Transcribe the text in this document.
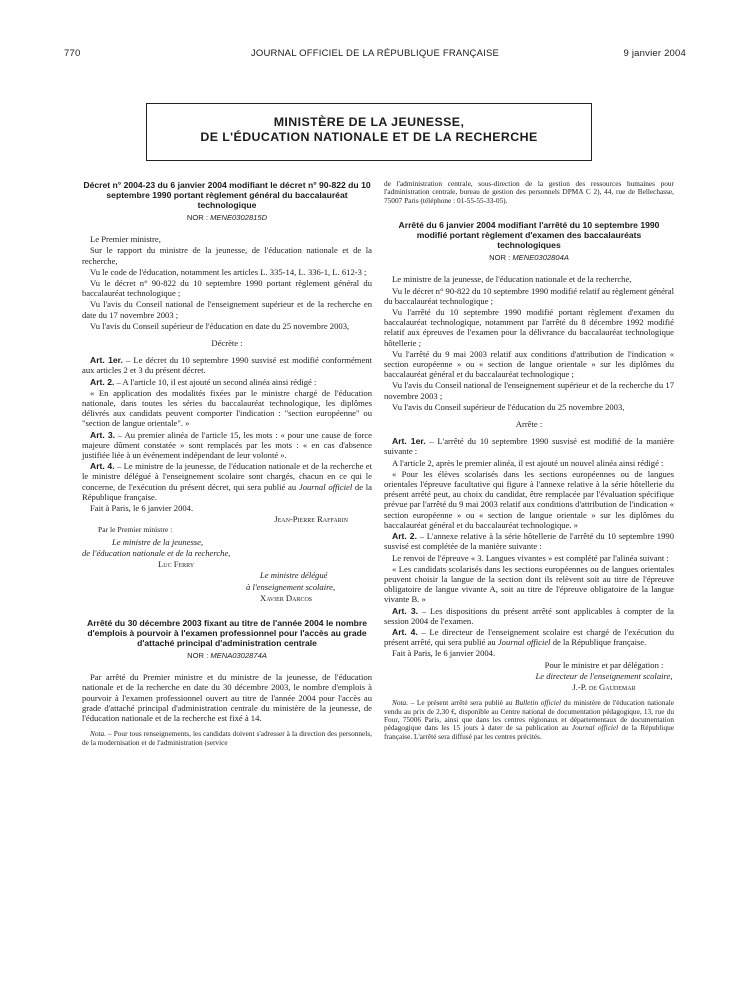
770	JOURNAL OFFICIEL DE LA RÉPUBLIQUE FRANÇAISE	9 janvier 2004
MINISTÈRE DE LA JEUNESSE,
DE L'ÉDUCATION NATIONALE ET DE LA RECHERCHE
Décret n° 2004-23 du 6 janvier 2004 modifiant le décret n° 90-822 du 10 septembre 1990 portant règlement général du baccalauréat technologique
NOR : MENE0302815D

Le Premier ministre,

Sur le rapport du ministre de la jeunesse, de l'éducation nationale et de la recherche,

Vu le code de l'éducation, notamment les articles L. 335-14, L. 336-1, L. 612-3 ;

Vu le décret n° 90-822 du 10 septembre 1990 portant règlement général du baccalauréat technologique ;

Vu l'avis du Conseil national de l'enseignement supérieur et de la recherche en date du 17 novembre 2003 ;

Vu l'avis du Conseil supérieur de l'éducation en date du 25 novembre 2003,

Décrète :

Art. 1er. – Le décret du 10 septembre 1990 susvisé est modifié conformément aux articles 2 et 3 du présent décret.

Art. 2. – A l'article 10, il est ajouté un second alinéa ainsi rédigé :

« En application des modalités fixées par le ministre chargé de l'éducation nationale, dans toutes les séries du baccalauréat technologique, les diplômes délivrés aux candidats peuvent comporter l'indication : "section européenne" ou "section de langue orientale". »

Art. 3. – Au premier alinéa de l'article 15, les mots : « pour une cause de force majeure dûment constatée » sont remplacés par les mots : « en cas d'absence justifiée liée à un événement indépendant de leur volonté ».

Art. 4. – Le ministre de la jeunesse, de l'éducation nationale et de la recherche et le ministre délégué à l'enseignement scolaire sont chargés, chacun en ce qui le concerne, de l'exécution du présent décret, qui sera publié au Journal officiel de la République française.

Fait à Paris, le 6 janvier 2004.

Jean-Pierre Raffarin

Par le Premier ministre :

Le ministre de la jeunesse,

de l'éducation nationale et de la recherche,

Luc Ferry

Le ministre délégué

à l'enseignement scolaire,

Xavier Darcos

Arrêté du 30 décembre 2003 fixant au titre de l'année 2004 le nombre d'emplois à pourvoir à l'examen professionnel pour l'accès au grade d'attaché principal d'administration centrale
NOR : MENA0302874A

Par arrêté du Premier ministre et du ministre de la jeunesse, de l'éducation nationale et de la recherche en date du 30 décembre 2003, le nombre d'emplois à pourvoir à l'examen professionnel ouvert au titre de l'année 2004 pour l'accès au grade d'attaché principal d'administration centrale du ministère de la jeunesse, de l'éducation nationale et de la recherche est fixé à 14.

Nota. – Pour tous renseignements, les candidats doivent s'adresser à la direction des personnels, de la modernisation et de l'administration (service

de l'administration centrale, sous-direction de la gestion des ressources humaines pour l'administration centrale, bureau de gestion des personnels DPMA C 2), 44, rue de Bellechasse, 75007 Paris (téléphone : 01-55-55-33-05).

Arrêté du 6 janvier 2004 modifiant l'arrêté du 10 septembre 1990 modifié portant règlement d'examen des baccalauréats technologiques
NOR : MENE0302804A

Le ministre de la jeunesse, de l'éducation nationale et de la recherche,

Vu le décret n° 90-822 du 10 septembre 1990 modifié relatif au règlement général du baccalauréat technologique ;

Vu l'arrêté du 10 septembre 1990 modifié portant règlement d'examen du baccalauréat technologique, notamment par l'arrêté du 8 décembre 1992 modifié relatif aux épreuves de l'examen pour la délivrance du baccalauréat technologique hôtellerie ;

Vu l'arrêté du 9 mai 2003 relatif aux conditions d'attribution de l'indication « section européenne » ou « section de langue orientale » sur les diplômes du baccalauréat général et du baccalauréat technologique ;

Vu l'avis du Conseil national de l'enseignement supérieur et de la recherche du 17 novembre 2003 ;

Vu l'avis du Conseil supérieur de l'éducation du 25 novembre 2003,

Arrête :

Art. 1er. – L'arrêté du 10 septembre 1990 susvisé est modifié de la manière suivante :

A l'article 2, après le premier alinéa, il est ajouté un nouvel alinéa ainsi rédigé :

« Pour les élèves scolarisés dans les sections européennes ou de langues orientales l'épreuve facultative qui figure à l'annexe relative à la série hôtellerie du présent arrêté peut, au choix du candidat, être remplacée par l'évaluation spécifique prévue par l'arrêté du 9 mai 2003 relatif aux conditions d'attribution de l'indication « section européenne » ou « section de langue orientale » sur les diplômes du baccalauréat général et du baccalauréat technologique. »

Art. 2. – L'annexe relative à la série hôtellerie de l'arrêté du 10 septembre 1990 susvisé est complétée de la manière suivante :

Le renvoi de l'épreuve « 3. Langues vivantes » est complété par l'alinéa suivant :

« Les candidats scolarisés dans les sections européennes ou de langues orientales peuvent choisir la langue de la section dont ils relèvent soit au titre de l'épreuve obligatoire de langue vivante A, soit au titre de l'épreuve obligatoire de la langue vivante B. »

Art. 3. – Les dispositions du présent arrêté sont applicables à compter de la session 2004 de l'examen.

Art. 4. – Le directeur de l'enseignement scolaire est chargé de l'exécution du présent arrêté, qui sera publié au Journal officiel de la République française.

Fait à Paris, le 6 janvier 2004.

Pour le ministre et par délégation :

Le directeur de l'enseignement scolaire,

J.-P. de Gaudemar

Nota. – Le présent arrêté sera publié au Bulletin officiel du ministère de l'éducation nationale vendu au prix de 2,30 €, disponible au Centre national de documentation pédagogique, 13, rue du Four, 75006 Paris, ainsi que dans les centres régionaux et départementaux de documentation pédagogique dans les 15 jours à dater de sa publication au Journal officiel de la République française. L'arrêté sera diffusé par les centres précités.
